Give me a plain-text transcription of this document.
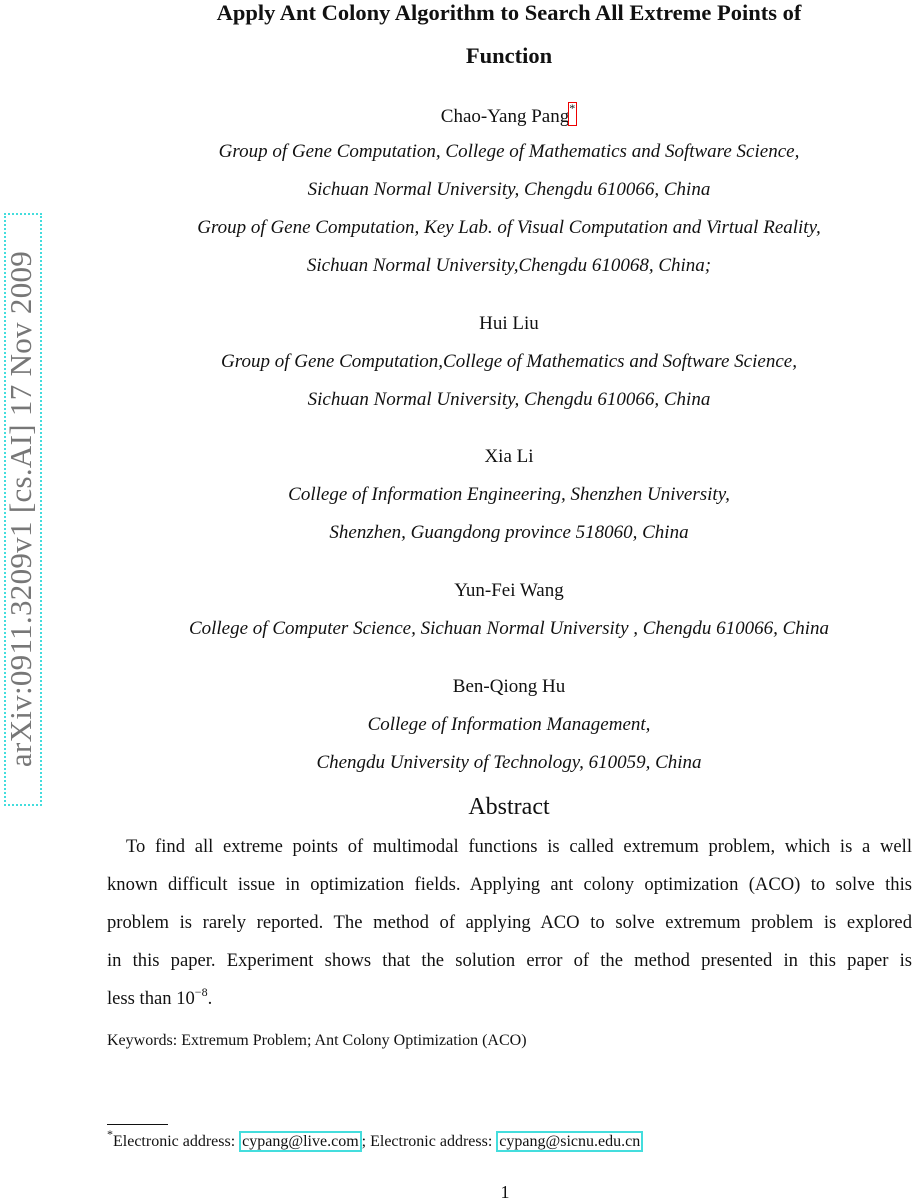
arXiv:0911.3209v1 [cs.AI] 17 Nov 2009
Apply Ant Colony Algorithm to Search All Extreme Points of
Function
Chao-Yang Pang *
Group of Gene Computation, College of Mathematics and Software Science,
Sichuan Normal University, Chengdu 610066, China
Group of Gene Computation, Key Lab. of Visual Computation and Virtual Reality,
Sichuan Normal University,Chengdu 610068, China;
Hui Liu
Group of Gene Computation,College of Mathematics and Software Science,
Sichuan Normal University, Chengdu 610066, China
Xia Li
College of Information Engineering, Shenzhen University,
Shenzhen, Guangdong province 518060, China
Yun-Fei Wang
College of Computer Science, Sichuan Normal University , Chengdu 610066, China
Ben-Qiong Hu
College of Information Management,
Chengdu University of Technology, 610059, China
Abstract
To find all extreme points of multimodal functions is called extremum problem, which is a well
known difficult issue in optimization fields. Applying ant colony optimization (ACO) to solve this
problem is rarely reported. The method of applying ACO to solve extremum problem is explored
in this paper. Experiment shows that the solution error of the method presented in this paper is
less than $10^{-8}$.
Keywords: Extremum Problem; Ant Colony Optimization (ACO)
*Electronic address: cypang@live.com ; Electronic address: cypang@sicnu.edu.cn
1
